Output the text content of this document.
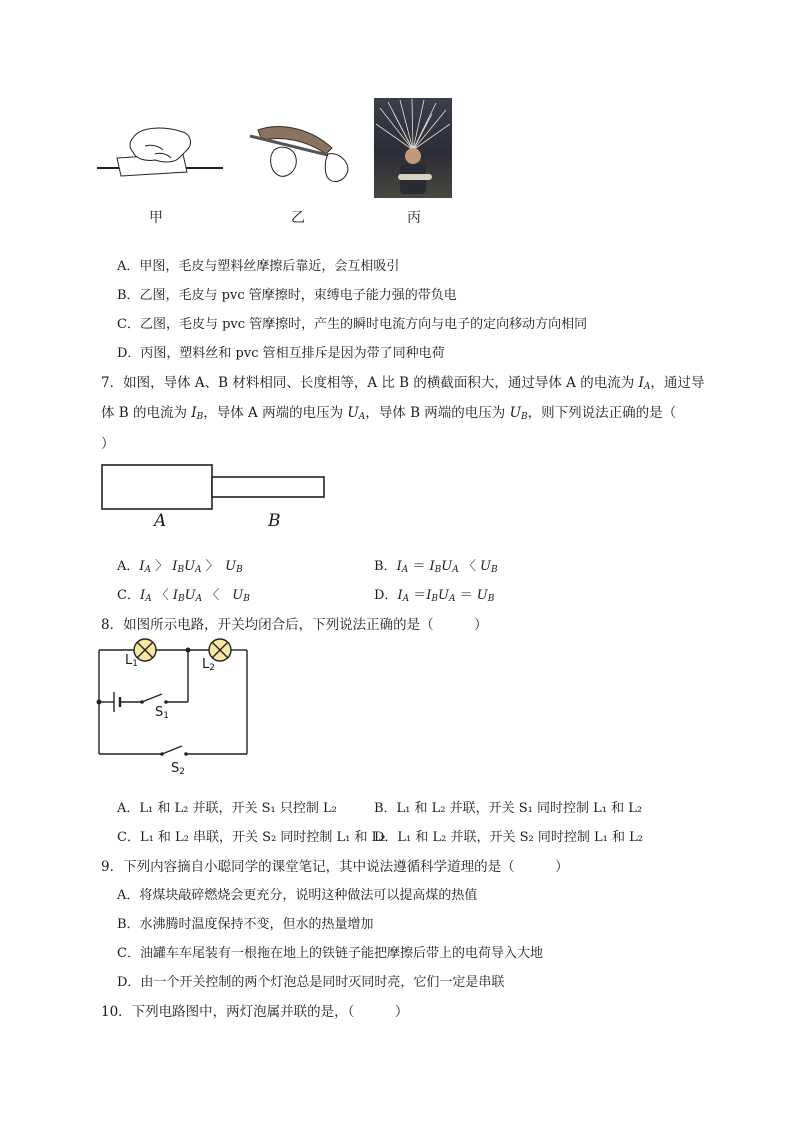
甲	乙	丙
A．甲图，毛皮与塑料丝摩擦后靠近，会互相吸引
B．乙图，毛皮与 pvc 管摩擦时，束缚电子能力强的带负电
C．乙图，毛皮与 pvc 管摩擦时，产生的瞬时电流方向与电子的定向移动方向相同
D．丙图，塑料丝和 pvc 管相互排斥是因为带了同种电荷
7．如图，导体 A、B 材料相同、长度相等，A 比 B 的横截面积大，通过导体 A 的电流为 $I_A$，通过导
体 B 的电流为 $I_B$，导体 A 两端的电压为 $U_A$，导体 B 两端的电压为 $U_B$，则下列说法正确的是（
）
A	B
A．$I_A$ 〉 $I_BU_A$ 〉　$U_B$	B．$I_A = I_BU_A$ 〈 $U_B$
C．$I_A$ 〈 $I_BU_A$ 〈　$U_B$	D．$I_A =I_BU_A = U_B$
8．如图所示电路，开关均闭合后，下列说法正确的是（　　　）
$L_1$	$L_2$
$S_1$
$S_2$
A．L₁ 和 L₂ 并联，开关 S₁ 只控制 L₂	B．L₁ 和 L₂ 并联，开关 S₁ 同时控制 L₁ 和 L₂
C．L₁ 和 L₂ 串联，开关 S₂ 同时控制 L₁ 和 L₂
D．L₁ 和 L₂ 并联，开关 S₂ 同时控制 L₁ 和 L₂
9．下列内容摘自小聪同学的课堂笔记，其中说法遵循科学道理的是（　　　）
A．将煤块敲碎燃烧会更充分，说明这种做法可以提高煤的热值
B．水沸腾时温度保持不变，但水的热量增加
C．油罐车车尾装有一根拖在地上的铁链子能把摩擦后带上的电荷导入大地
D．由一个开关控制的两个灯泡总是同时灭同时亮，它们一定是串联
10．下列电路图中，两灯泡属并联的是，（　　　）
